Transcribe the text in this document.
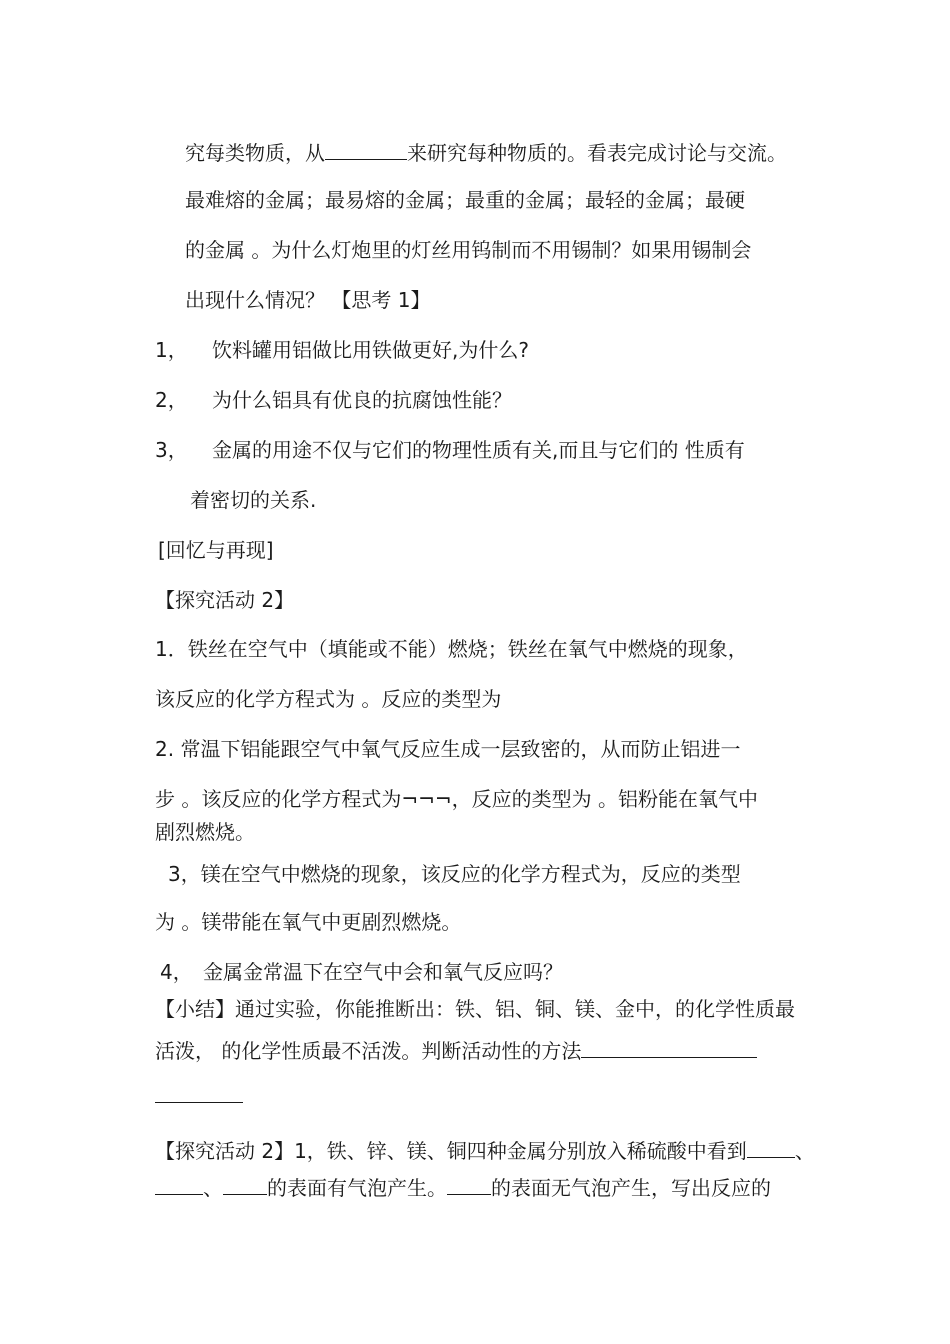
究每类物质，从	来研究每种物质的。看表完成讨论与交流。
最难熔的金属；最易熔的金属；最重的金属；最轻的金属；最硬
的金属 。为什么灯炮里的灯丝用钨制而不用锡制？如果用锡制会
出现什么情况？ 【思考 1】
1， 饮料罐用铝做比用铁做更好,为什么?
2， 为什么铝具有优良的抗腐蚀性能？
3， 金属的用途不仅与它们的物理性质有关,而且与它们的 性质有
着密切的关系.
[回忆与再现]
【探究活动 2】
1．铁丝在空气中（填能或不能）燃烧；铁丝在氧气中燃烧的现象，
该反应的化学方程式为 。反应的类型为
2. 常温下铝能跟空气中氧气反应生成一层致密的，从而防止铝进一
步 。该反应的化学方程式为¬¬¬，反应的类型为 。铝粉能在氧气中
剧烈燃烧。
3，镁在空气中燃烧的现象，该反应的化学方程式为，反应的类型
为 。镁带能在氧气中更剧烈燃烧。
4， 金属金常温下在空气中会和氧气反应吗？
【小结】通过实验，你能推断出：铁、铝、铜、镁、金中，的化学性质最
活泼， 的化学性质最不活泼。判断活动性的方法
【探究活动 2】1，铁、锌、镁、铜四种金属分别放入稀硫酸中看到 、
、 的表面有气泡产生。 的表面无气泡产生，写出反应的
